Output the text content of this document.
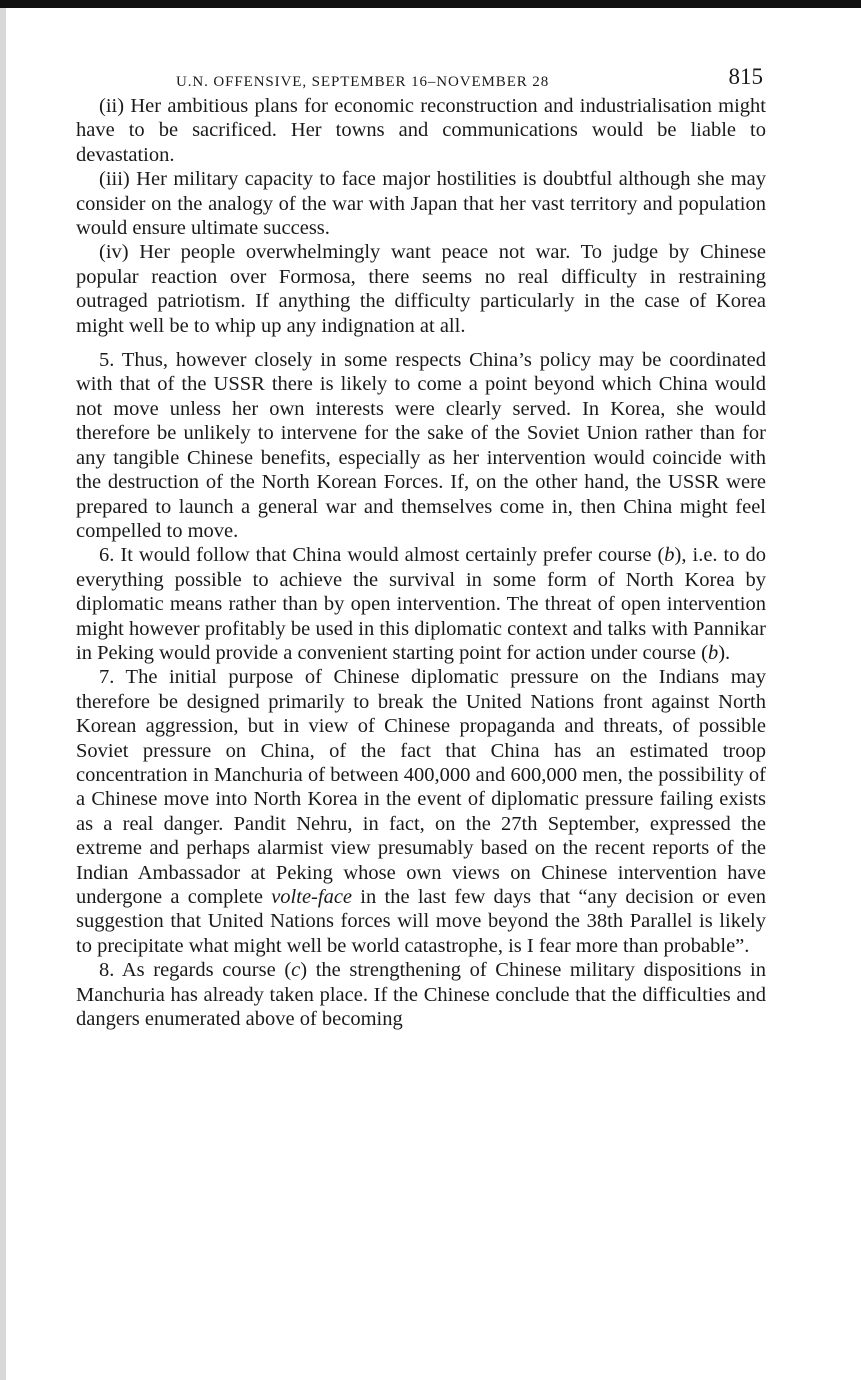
U.N. OFFENSIVE, SEPTEMBER 16–NOVEMBER 28	815

(ii) Her ambitious plans for economic reconstruction and industrialisation might have to be sacrificed. Her towns and communications would be liable to devastation.

(iii) Her military capacity to face major hostilities is doubtful although she may consider on the analogy of the war with Japan that her vast territory and population would ensure ultimate success.

(iv) Her people overwhelmingly want peace not war. To judge by Chinese popular reaction over Formosa, there seems no real difficulty in restraining outraged patriotism. If anything the difficulty particularly in the case of Korea might well be to whip up any indignation at all.

5. Thus, however closely in some respects China’s policy may be coordinated with that of the USSR there is likely to come a point beyond which China would not move unless her own interests were clearly served. In Korea, she would therefore be unlikely to intervene for the sake of the Soviet Union rather than for any tangible Chinese benefits, especially as her intervention would coincide with the destruction of the North Korean Forces. If, on the other hand, the USSR were prepared to launch a general war and themselves come in, then China might feel compelled to move.

6. It would follow that China would almost certainly prefer course (b), i.e. to do everything possible to achieve the survival in some form of North Korea by diplomatic means rather than by open intervention. The threat of open intervention might however profitably be used in this diplomatic context and talks with Pannikar in Peking would provide a convenient starting point for action under course (b).

7. The initial purpose of Chinese diplomatic pressure on the Indians may therefore be designed primarily to break the United Nations front against North Korean aggression, but in view of Chinese propaganda and threats, of possible Soviet pressure on China, of the fact that China has an estimated troop concentration in Manchuria of between 400,000 and 600,000 men, the possibility of a Chinese move into North Korea in the event of diplomatic pressure failing exists as a real danger. Pandit Nehru, in fact, on the 27th September, expressed the extreme and perhaps alarmist view presumably based on the recent reports of the Indian Ambassador at Peking whose own views on Chinese intervention have undergone a complete volte-face in the last few days that “any decision or even suggestion that United Nations forces will move beyond the 38th Parallel is likely to precipitate what might well be world catastrophe, is I fear more than probable”.

8. As regards course (c) the strengthening of Chinese military dispositions in Manchuria has already taken place. If the Chinese conclude that the difficulties and dangers enumerated above of becoming
